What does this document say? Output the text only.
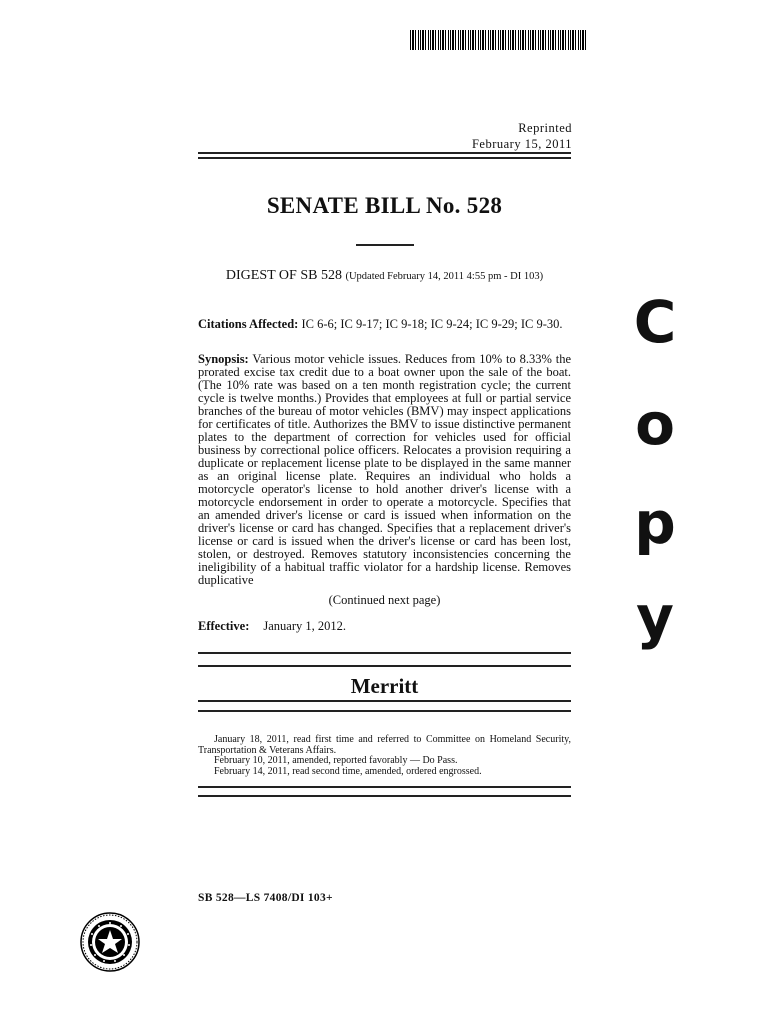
Reprinted
February 15, 2011
SENATE BILL No. 528
DIGEST OF SB 528 (Updated February 14, 2011 4:55 pm - DI 103)
Citations Affected: IC 6-6; IC 9-17; IC 9-18; IC 9-24; IC 9-29; IC 9-30.
Synopsis: Various motor vehicle issues. Reduces from 10% to 8.33% the prorated excise tax credit due to a boat owner upon the sale of the boat. (The 10% rate was based on a ten month registration cycle; the current cycle is twelve months.) Provides that employees at full or partial service branches of the bureau of motor vehicles (BMV) may inspect applications for certificates of title. Authorizes the BMV to issue distinctive permanent plates to the department of correction for vehicles used for official business by correctional police officers. Relocates a provision requiring a duplicate or replacement license plate to be displayed in the same manner as an original license plate. Requires an individual who holds a motorcycle operator's license to hold another driver's license with a motorcycle endorsement in order to operate a motorcycle. Specifies that an amended driver's license or card is issued when information on the driver's license or card has changed. Specifies that a replacement driver's license or card is issued when the driver's license or card has been lost, stolen, or destroyed. Removes statutory inconsistencies concerning the ineligibility of a habitual traffic violator for a hardship license. Removes duplicative
(Continued next page)
Effective: January 1, 2012.
Merritt
January 18, 2011, read first time and referred to Committee on Homeland Security, Transportation & Veterans Affairs.
February 10, 2011, amended, reported favorably — Do Pass.
February 14, 2011, read second time, amended, ordered engrossed.
SB 528—LS 7408/DI 103+
C
o
p
y
